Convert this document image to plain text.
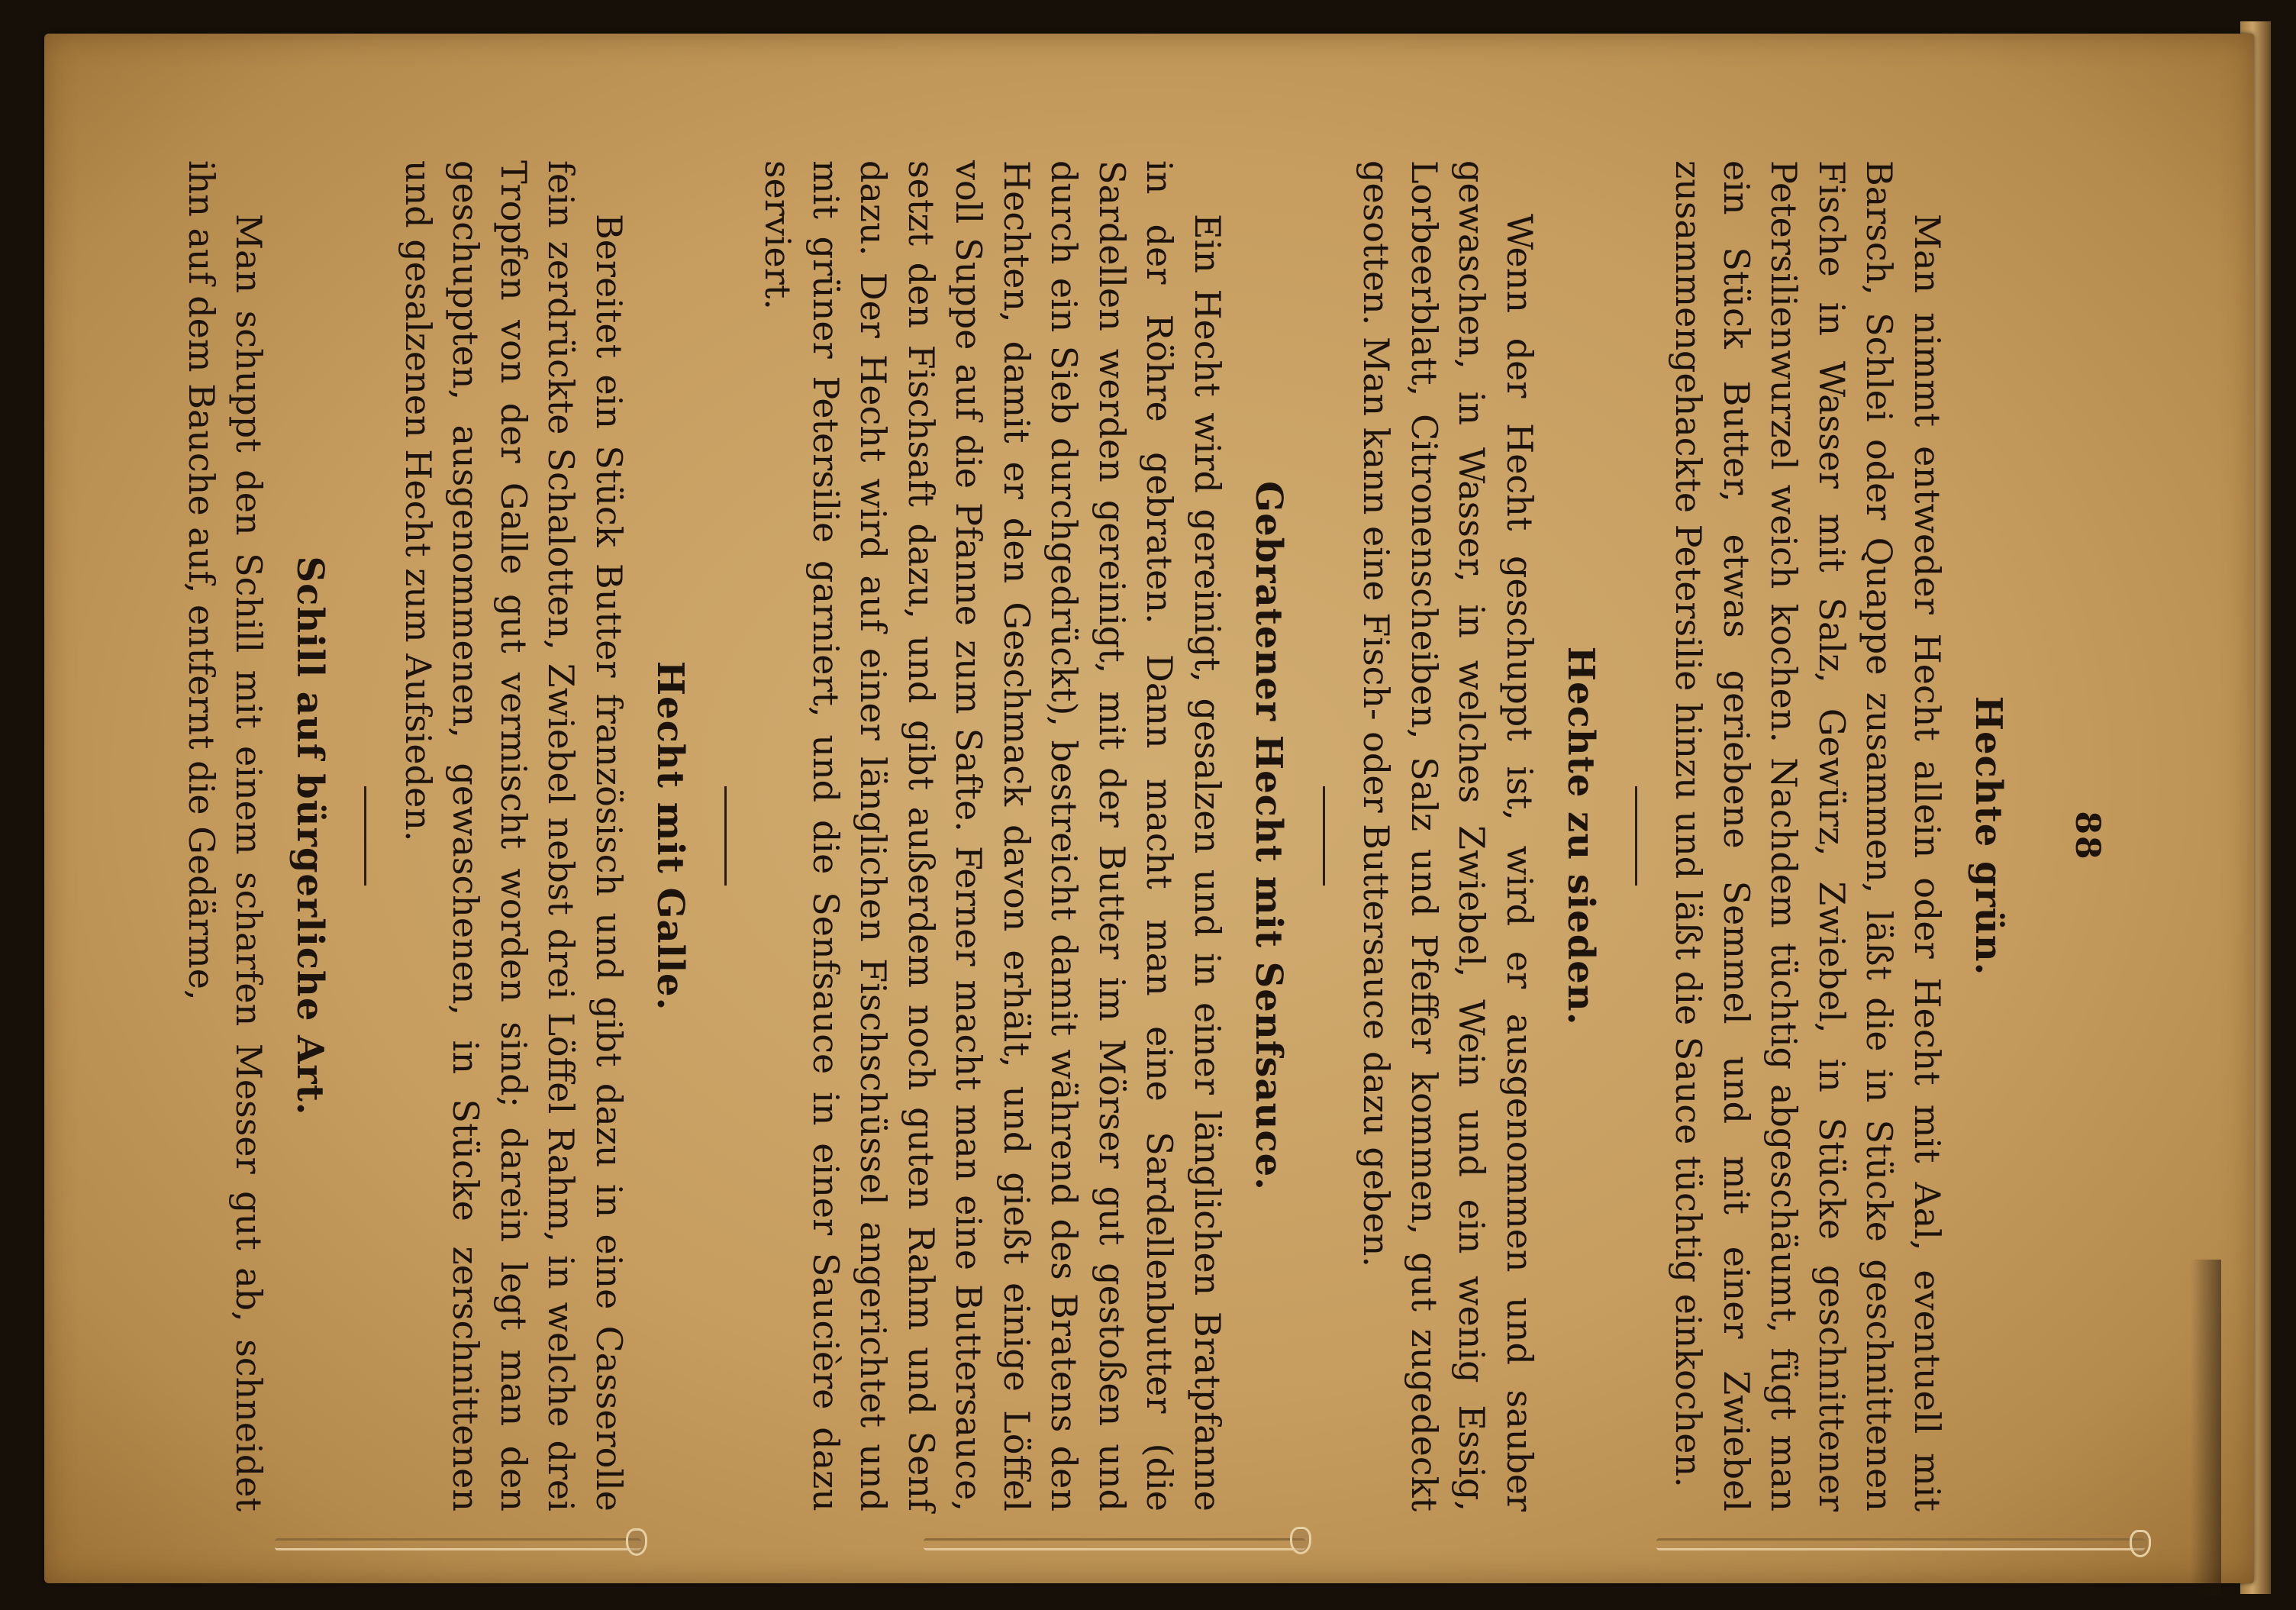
88

Hechte grün.

Man nimmt entweder Hecht allein oder Hecht mit Aal, eventuell mit Barsch, Schlei oder Quappe zusammen, läßt die in Stücke geschnittenen Fische in Wasser mit Salz, Gewürz, Zwiebel, in Stücke geschnittener Petersilienwurzel weich kochen. Nachdem tüchtig abgeschäumt, fügt man ein Stück Butter, etwas geriebene Semmel und mit einer Zwiebel zusammengehackte Petersilie hinzu und läßt die Sauce tüchtig einkochen.

Hechte zu sieden.

Wenn der Hecht geschuppt ist, wird er ausgenommen und sauber gewaschen, in Wasser, in welches Zwiebel, Wein und ein wenig Essig, Lorbeerblatt, Citronenscheiben, Salz und Pfeffer kommen, gut zugedeckt gesotten. Man kann eine Fisch- oder Buttersauce dazu geben.

Gebratener Hecht mit Senfsauce.

Ein Hecht wird gereinigt, gesalzen und in einer länglichen Bratpfanne in der Röhre gebraten. Dann macht man eine Sardellenbutter (die Sardellen werden gereinigt, mit der Butter im Mörser gut gestoßen und durch ein Sieb durchgedrückt), bestreicht damit während des Bratens den Hechten, damit er den Geschmack davon erhält, und gießt einige Löffel voll Suppe auf die Pfanne zum Safte. Ferner macht man eine Buttersauce, setzt den Fischsaft dazu, und gibt außerdem noch guten Rahm und Senf dazu. Der Hecht wird auf einer länglichen Fischschüssel angerichtet und mit grüner Petersilie garniert, und die Senfsauce in einer Saucière dazu serviert.

Hecht mit Galle.

Bereitet ein Stück Butter französisch und gibt dazu in eine Casserolle fein zerdrückte Schalotten, Zwiebel nebst drei Löffel Rahm, in welche drei Tropfen von der Galle gut vermischt worden sind; darein legt man den geschuppten, ausgenommenen, gewaschenen, in Stücke zerschnittenen und gesalzenen Hecht zum Aufsieden.

Schill auf bürgerliche Art.

Man schuppt den Schill mit einem scharfen Messer gut ab, schneidet ihn auf dem Bauche auf, entfernt die Gedärme,
